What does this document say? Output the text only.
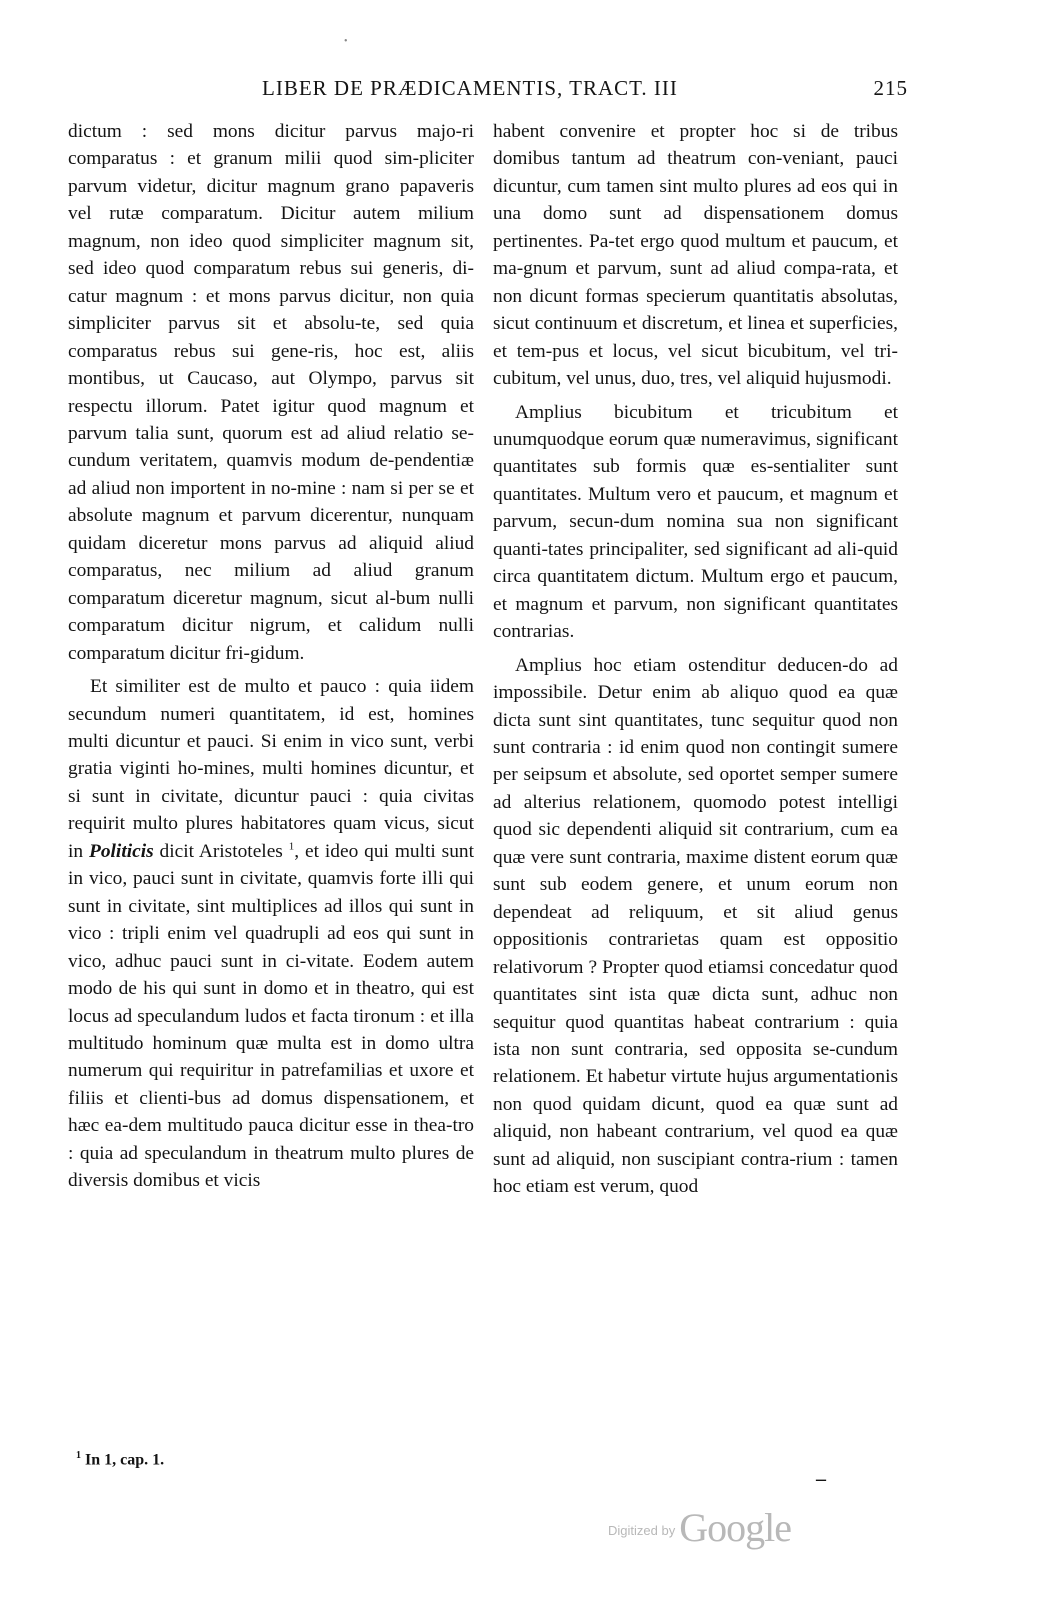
•
LIBER DE PRÆDICAMENTIS, TRACT. III	215

dictum : sed mons dicitur parvus majo-ri comparatus : et granum milii quod sim-pliciter parvum videtur, dicitur magnum grano papaveris vel rutæ comparatum. Dicitur autem milium magnum, non ideo quod simpliciter magnum sit, sed ideo quod comparatum rebus sui generis, di-catur magnum : et mons parvus dicitur, non quia simpliciter parvus sit et absolu-te, sed quia comparatus rebus sui gene-ris, hoc est, aliis montibus, ut Caucaso, aut Olympo, parvus sit respectu illorum. Patet igitur quod magnum et parvum talia sunt, quorum est ad aliud relatio se-cundum veritatem, quamvis modum de-pendentiæ ad aliud non importent in no-mine : nam si per se et absolute magnum et parvum dicerentur, nunquam quidam diceretur mons parvus ad aliquid aliud comparatus, nec milium ad aliud granum comparatum diceretur magnum, sicut al-bum nulli comparatum dicitur nigrum, et calidum nulli comparatum dicitur fri-gidum.

Et similiter est de multo et pauco : quia iidem secundum numeri quantitatem, id est, homines multi dicuntur et pauci. Si enim in vico sunt, verbi gratia viginti ho-mines, multi homines dicuntur, et si sunt in civitate, dicuntur pauci : quia civitas requirit multo plures habitatores quam vicus, sicut in Politicis dicit Aristoteles $^1$, et ideo qui multi sunt in vico, pauci sunt in civitate, quamvis forte illi qui sunt in civitate, sint multiplices ad illos qui sunt in vico : tripli enim vel quadrupli ad eos qui sunt in vico, adhuc pauci sunt in ci-vitate. Eodem autem modo de his qui sunt in domo et in theatro, qui est locus ad speculandum ludos et facta tironum : et illa multitudo hominum quæ multa est in domo ultra numerum qui requiritur in patrefamilias et uxore et filiis et clienti-bus ad domus dispensationem, et hæc ea-dem multitudo pauca dicitur esse in thea-tro : quia ad speculandum in theatrum multo plures de diversis domibus et vicis

habent convenire et propter hoc si de tribus domibus tantum ad theatrum con-veniant, pauci dicuntur, cum tamen sint multo plures ad eos qui in una domo sunt ad dispensationem domus pertinentes. Pa-tet ergo quod multum et paucum, et ma-gnum et parvum, sunt ad aliud compa-rata, et non dicunt formas specierum quantitatis absolutas, sicut continuum et discretum, et linea et superficies, et tem-pus et locus, vel sicut bicubitum, vel tri-cubitum, vel unus, duo, tres, vel aliquid hujusmodi.

Amplius bicubitum et tricubitum et unumquodque eorum quæ numeravimus, significant quantitates sub formis quæ es-sentialiter sunt quantitates. Multum vero et paucum, et magnum et parvum, secun-dum nomina sua non significant quanti-tates principaliter, sed significant ad ali-quid circa quantitatem dictum. Multum ergo et paucum, et magnum et parvum, non significant quantitates contrarias.

Amplius hoc etiam ostenditur deducen-do ad impossibile. Detur enim ab aliquo quod ea quæ dicta sunt sint quantitates, tunc sequitur quod non sunt contraria : id enim quod non contingit sumere per seipsum et absolute, sed oportet semper sumere ad alterius relationem, quomodo potest intelligi quod sic dependenti aliquid sit contrarium, cum ea quæ vere sunt contraria, maxime distent eorum quæ sunt sub eodem genere, et unum eorum non dependeat ad reliquum, et sit aliud genus oppositionis contrarietas quam est oppositio relativorum ? Propter quod etiamsi concedatur quod quantitates sint ista quæ dicta sunt, adhuc non sequitur quod quantitas habeat contrarium : quia ista non sunt contraria, sed opposita se-cundum relationem. Et habetur virtute hujus argumentationis non quod quidam dicunt, quod ea quæ sunt ad aliquid, non habeant contrarium, vel quod ea quæ sunt ad aliquid, non suscipiant contra-rium : tamen hoc etiam est verum, quod

$^1$ In 1, cap. 1.
–
$^{Digitized by}$ Google
